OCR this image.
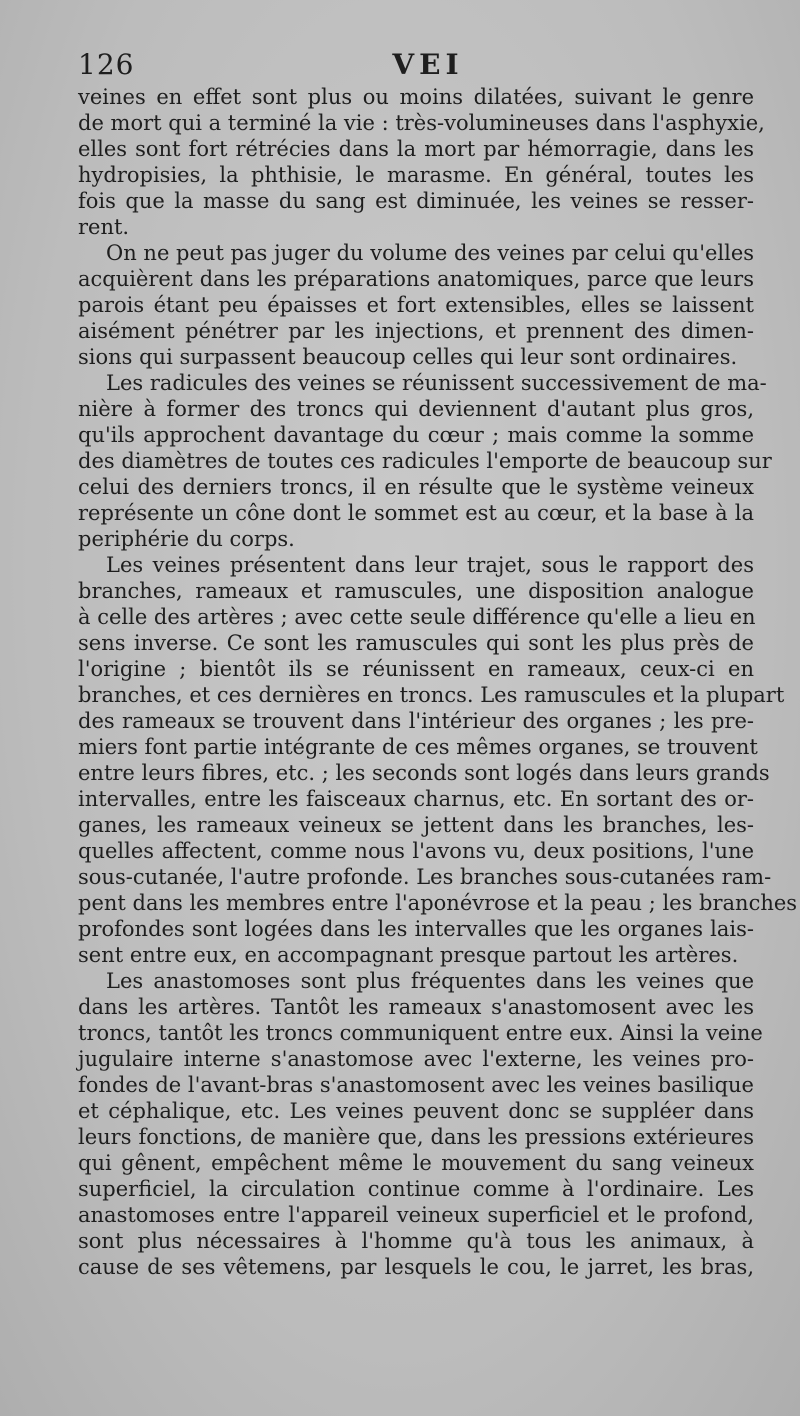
126	VEI
veines en effet sont plus ou moins dilatées, suivant le genre
de mort qui a terminé la vie : très-volumineuses dans l'asphyxie,
elles sont fort rétrécies dans la mort par hémorragie, dans les
hydropisies, la phthisie, le marasme. En général, toutes les
fois que la masse du sang est diminuée, les veines se resser-
rent.
On ne peut pas juger du volume des veines par celui qu'elles
acquièrent dans les préparations anatomiques, parce que leurs
parois étant peu épaisses et fort extensibles, elles se laissent
aisément pénétrer par les injections, et prennent des dimen-
sions qui surpassent beaucoup celles qui leur sont ordinaires.
Les radicules des veines se réunissent successivement de ma-
nière à former des troncs qui deviennent d'autant plus gros,
qu'ils approchent davantage du cœur ; mais comme la somme
des diamètres de toutes ces radicules l'emporte de beaucoup sur
celui des derniers troncs, il en résulte que le système veineux
représente un cône dont le sommet est au cœur, et la base à la
periphérie du corps.
Les veines présentent dans leur trajet, sous le rapport des
branches, rameaux et ramuscules, une disposition analogue
à celle des artères ; avec cette seule différence qu'elle a lieu en
sens inverse. Ce sont les ramuscules qui sont les plus près de
l'origine ; bientôt ils se réunissent en rameaux, ceux-ci en
branches, et ces dernières en troncs. Les ramuscules et la plupart
des rameaux se trouvent dans l'intérieur des organes ; les pre-
miers font partie intégrante de ces mêmes organes, se trouvent
entre leurs fibres, etc. ; les seconds sont logés dans leurs grands
intervalles, entre les faisceaux charnus, etc. En sortant des or-
ganes, les rameaux veineux se jettent dans les branches, les-
quelles affectent, comme nous l'avons vu, deux positions, l'une
sous-cutanée, l'autre profonde. Les branches sous-cutanées ram-
pent dans les membres entre l'aponévrose et la peau ; les branches
profondes sont logées dans les intervalles que les organes lais-
sent entre eux, en accompagnant presque partout les artères.
Les anastomoses sont plus fréquentes dans les veines que
dans les artères. Tantôt les rameaux s'anastomosent avec les
troncs, tantôt les troncs communiquent entre eux. Ainsi la veine
jugulaire interne s'anastomose avec l'externe, les veines pro-
fondes de l'avant-bras s'anastomosent avec les veines basilique
et céphalique, etc. Les veines peuvent donc se suppléer dans
leurs fonctions, de manière que, dans les pressions extérieures
qui gênent, empêchent même le mouvement du sang veineux
superficiel, la circulation continue comme à l'ordinaire. Les
anastomoses entre l'appareil veineux superficiel et le profond,
sont plus nécessaires à l'homme qu'à tous les animaux, à
cause de ses vêtemens, par lesquels le cou, le jarret, les bras,
